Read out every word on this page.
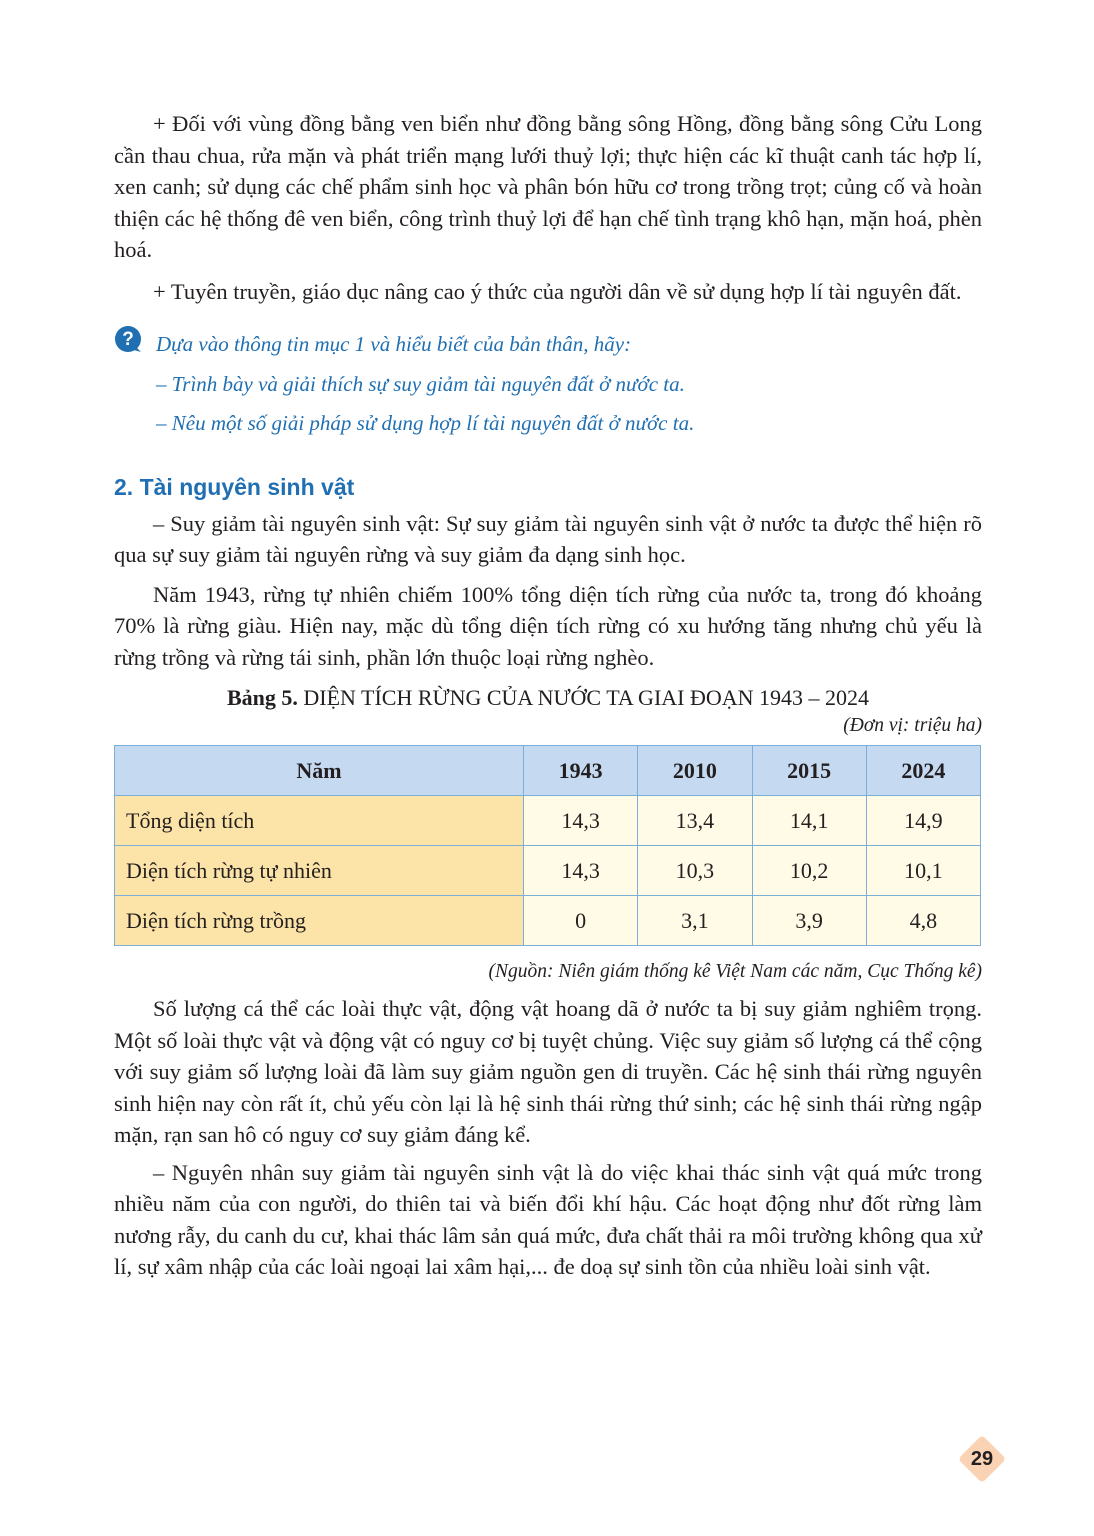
+ Đối với vùng đồng bằng ven biển như đồng bằng sông Hồng, đồng bằng sông Cửu Long cần thau chua, rửa mặn và phát triển mạng lưới thuỷ lợi; thực hiện các kĩ thuật canh tác hợp lí, xen canh; sử dụng các chế phẩm sinh học và phân bón hữu cơ trong trồng trọt; củng cố và hoàn thiện các hệ thống đê ven biển, công trình thuỷ lợi để hạn chế tình trạng khô hạn, mặn hoá, phèn hoá.

+ Tuyên truyền, giáo dục nâng cao ý thức của người dân về sử dụng hợp lí tài nguyên đất.

? Dựa vào thông tin mục 1 và hiểu biết của bản thân, hãy:
– Trình bày và giải thích sự suy giảm tài nguyên đất ở nước ta.
– Nêu một số giải pháp sử dụng hợp lí tài nguyên đất ở nước ta.
2. Tài nguyên sinh vật

– Suy giảm tài nguyên sinh vật: Sự suy giảm tài nguyên sinh vật ở nước ta được thể hiện rõ qua sự suy giảm tài nguyên rừng và suy giảm đa dạng sinh học.

Năm 1943, rừng tự nhiên chiếm 100% tổng diện tích rừng của nước ta, trong đó khoảng 70% là rừng giàu. Hiện nay, mặc dù tổng diện tích rừng có xu hướng tăng nhưng chủ yếu là rừng trồng và rừng tái sinh, phần lớn thuộc loại rừng nghèo.

Bảng 5. DIỆN TÍCH RỪNG CỦA NƯỚC TA GIAI ĐOẠN 1943 – 2024
(Đơn vị: triệu ha)
Năm	1943	2010	2015	2024
Tổng diện tích	14,3	13,4	14,1	14,9
Diện tích rừng tự nhiên	14,3	10,3	10,2	10,1
Diện tích rừng trồng	0	3,1	3,9	4,8
(Nguồn: Niên giám thống kê Việt Nam các năm, Cục Thống kê)

Số lượng cá thể các loài thực vật, động vật hoang dã ở nước ta bị suy giảm nghiêm trọng. Một số loài thực vật và động vật có nguy cơ bị tuyệt chủng. Việc suy giảm số lượng cá thể cộng với suy giảm số lượng loài đã làm suy giảm nguồn gen di truyền. Các hệ sinh thái rừng nguyên sinh hiện nay còn rất ít, chủ yếu còn lại là hệ sinh thái rừng thứ sinh; các hệ sinh thái rừng ngập mặn, rạn san hô có nguy cơ suy giảm đáng kể.

– Nguyên nhân suy giảm tài nguyên sinh vật là do việc khai thác sinh vật quá mức trong nhiều năm của con người, do thiên tai và biến đổi khí hậu. Các hoạt động như đốt rừng làm nương rẫy, du canh du cư, khai thác lâm sản quá mức, đưa chất thải ra môi trường không qua xử lí, sự xâm nhập của các loài ngoại lai xâm hại,... đe doạ sự sinh tồn của nhiều loài sinh vật.

29
